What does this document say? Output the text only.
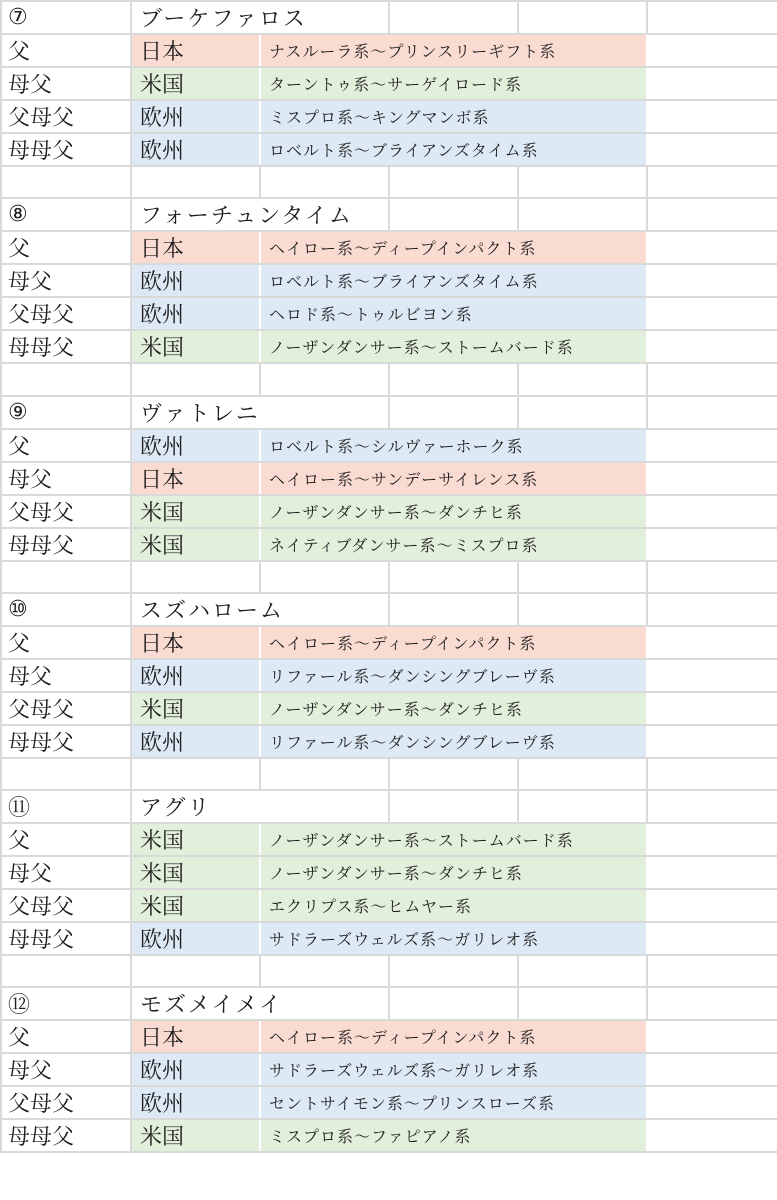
⑦	ブーケファロス				
父	日本	ナスルーラ系～プリンスリーギフト系			
母父	米国	ターントゥ系～サーゲイロード系			
父母父	欧州	ミスプロ系～キングマンボ系			
母母父	欧州	ロベルト系～ブライアンズタイム系			

⑧	フォーチュンタイム				
父	日本	ヘイロー系～ディープインパクト系			
母父	欧州	ロベルト系～ブライアンズタイム系			
父母父	欧州	ヘロド系～トゥルビヨン系			
母母父	米国	ノーザンダンサー系～ストームバード系			

⑨	ヴァトレニ				
父	欧州	ロベルト系～シルヴァーホーク系			
母父	日本	ヘイロー系～サンデーサイレンス系			
父母父	米国	ノーザンダンサー系～ダンチヒ系			
母母父	米国	ネイティブダンサー系～ミスプロ系			

⑩	スズハローム				
父	日本	ヘイロー系～ディープインパクト系			
母父	欧州	リファール系～ダンシングブレーヴ系			
父母父	米国	ノーザンダンサー系～ダンチヒ系			
母母父	欧州	リファール系～ダンシングブレーヴ系			

⑪	アグリ				
父	米国	ノーザンダンサー系～ストームバード系			
母父	米国	ノーザンダンサー系～ダンチヒ系			
父母父	米国	エクリプス系～ヒムヤー系			
母母父	欧州	サドラーズウェルズ系～ガリレオ系			

⑫	モズメイメイ				
父	日本	ヘイロー系～ディープインパクト系			
母父	欧州	サドラーズウェルズ系～ガリレオ系			
父母父	欧州	セントサイモン系～プリンスローズ系			
母母父	米国	ミスプロ系～ファピアノ系			
